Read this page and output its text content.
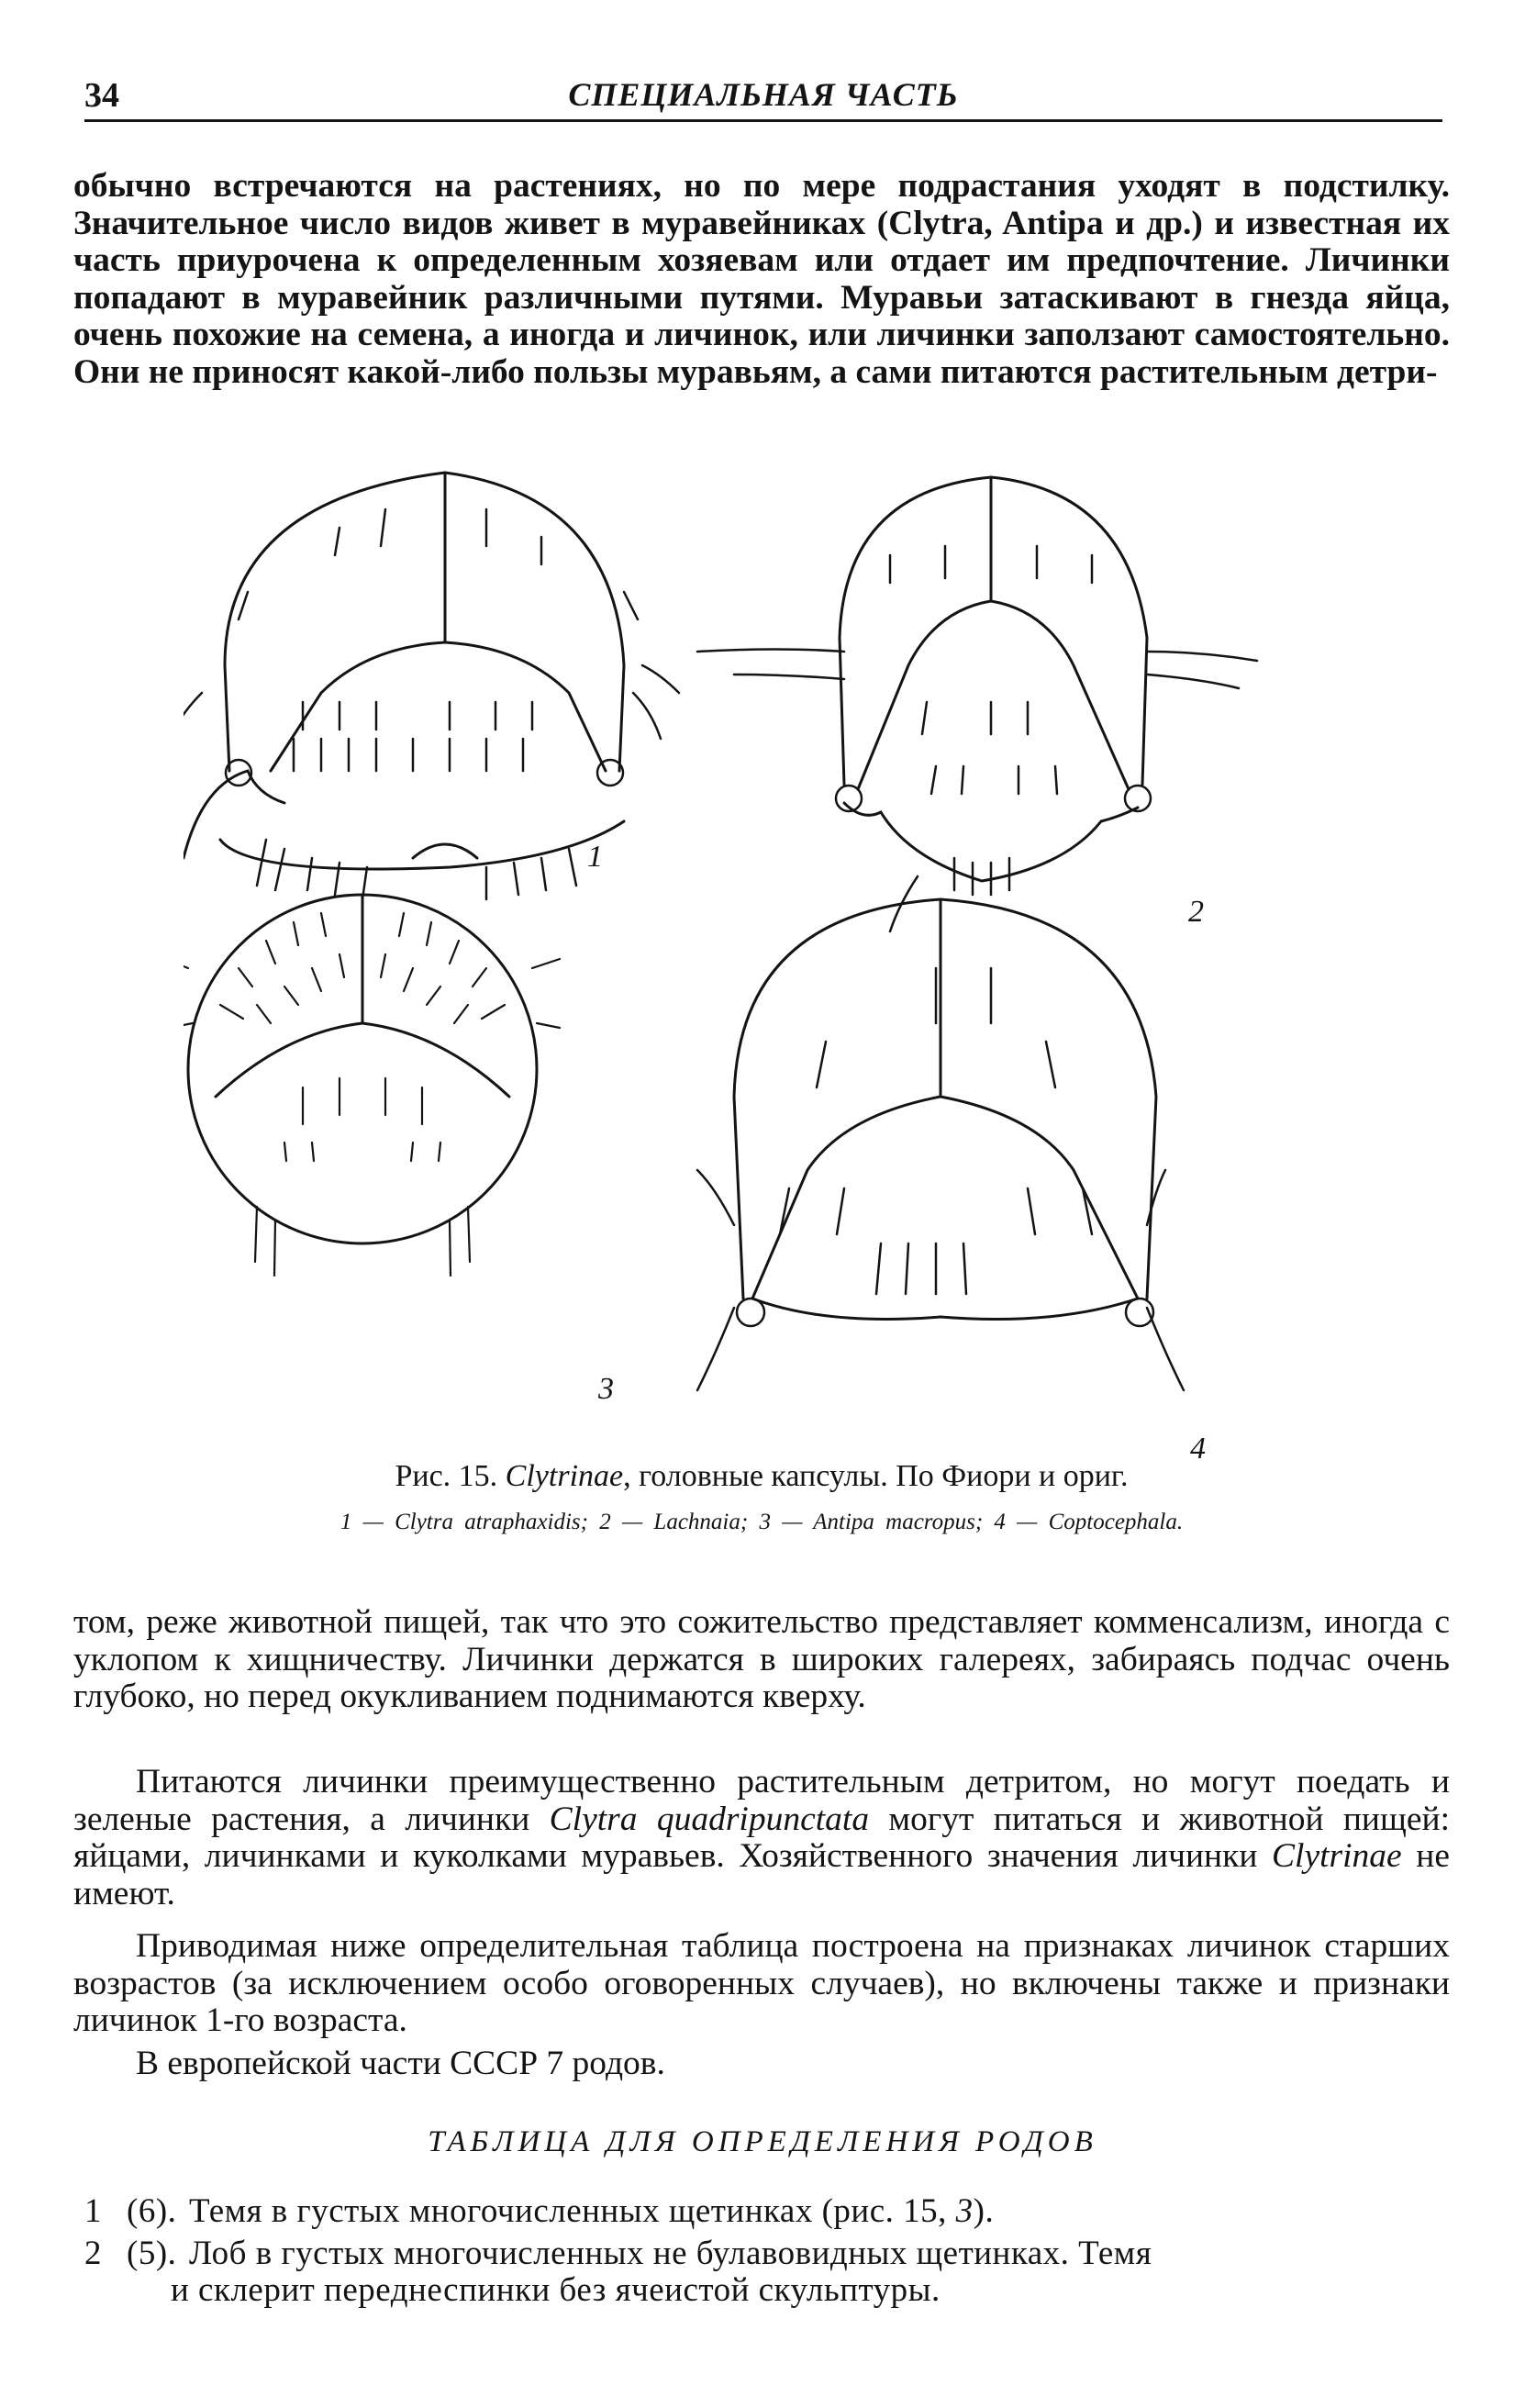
34	СПЕЦИАЛЬНАЯ ЧАСТЬ

обычно встречаются на растениях, но по мере подрастания уходят в подстилку. Значительное число видов живет в муравейниках (Clytra, Antipa и др.) и известная их часть приурочена к определенным хозяевам или отдает им предпочтение. Личинки попадают в муравейник различными путями. Муравьи затаскивают в гнезда яйца, очень похожие на семена, а иногда и личинок, или личинки заползают самостоятельно. Они не приносят какой-либо пользы муравьям, а сами питаются растительным детри-

1
2
3
4
Рис. 15. Clytrinae, головные капсулы. По Фиори и ориг.
1 — Clytra atraphaxidis; 2 — Lachnaia; 3 — Antipa macropus; 4 — Coptocephala.

том, реже животной пищей, так что это сожительство представляет комменсализм, иногда с уклопом к хищничеству. Личинки держатся в широких галереях, забираясь подчас очень глубоко, но перед окукливанием поднимаются кверху.

Питаются личинки преимущественно растительным детритом, но могут поедать и зеленые растения, а личинки Clytra quadripunctata могут питаться и животной пищей: яйцами, личинками и куколками муравьев. Хозяйственного значения личинки Clytrinae не имеют.

Приводимая ниже определительная таблица построена на признаках личинок старших возрастов (за исключением особо оговоренных случаев), но включены также и признаки личинок 1-го возраста.

В европейской части СССР 7 родов.

ТАБЛИЦА ДЛЯ ОПРЕДЕЛЕНИЯ РОДОВ
1 (6). Темя в густых многочисленных щетинках (рис. 15, 3).
2 (5). Лоб в густых многочисленных не булавовидных щетинках. Темя
и склерит переднеспинки без ячеистой скульптуры.
